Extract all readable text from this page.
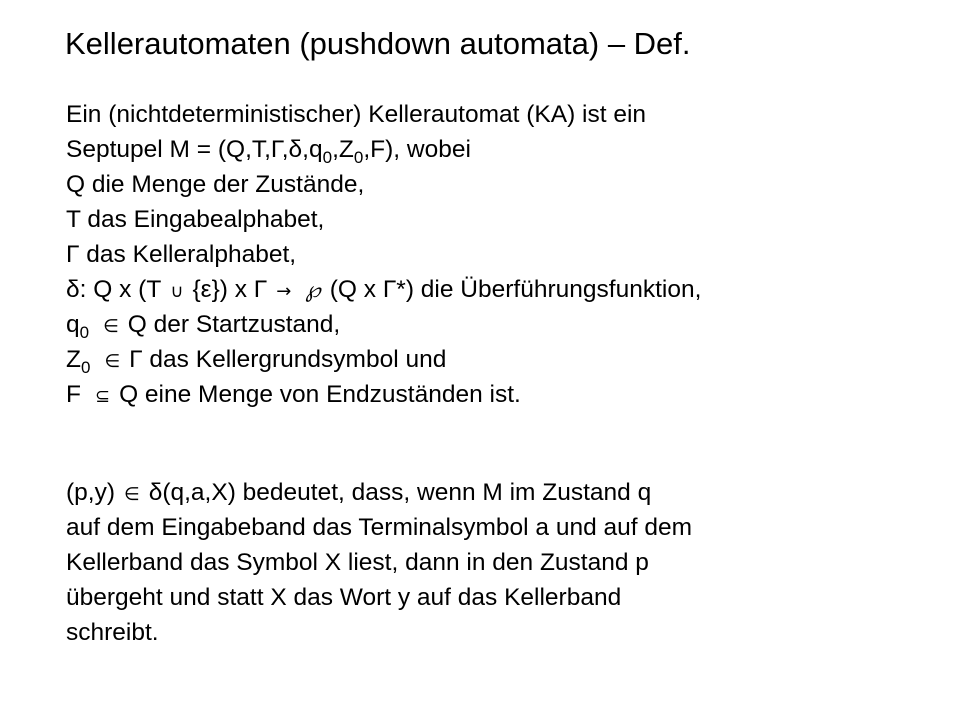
Kellerautomaten (pushdown automata) – Def.
Ein (nichtdeterministischer) Kellerautomat (KA) ist ein
Septupel $M = (Q,T,\Gamma,\delta,q_0,Z_0,F)$, wobei
Q die Menge der Zustände,
T das Eingabealphabet,
Γ das Kelleralphabet,
δ: Q x (T ∪ {ε}) x Γ → ℘ (Q x Γ*) die Überführungsfunktion,
$q_0$ ∈ Q der Startzustand,
$Z_0$ ∈ Γ das Kellergrundsymbol und
F ⊆ Q eine Menge von Endzuständen ist.
(p,y) ∈ δ(q,a,X) bedeutet, dass, wenn M im Zustand q
auf dem Eingabeband das Terminalsymbol a und auf dem
Kellerband das Symbol X liest, dann in den Zustand p
übergeht und statt X das Wort y auf das Kellerband
schreibt.
